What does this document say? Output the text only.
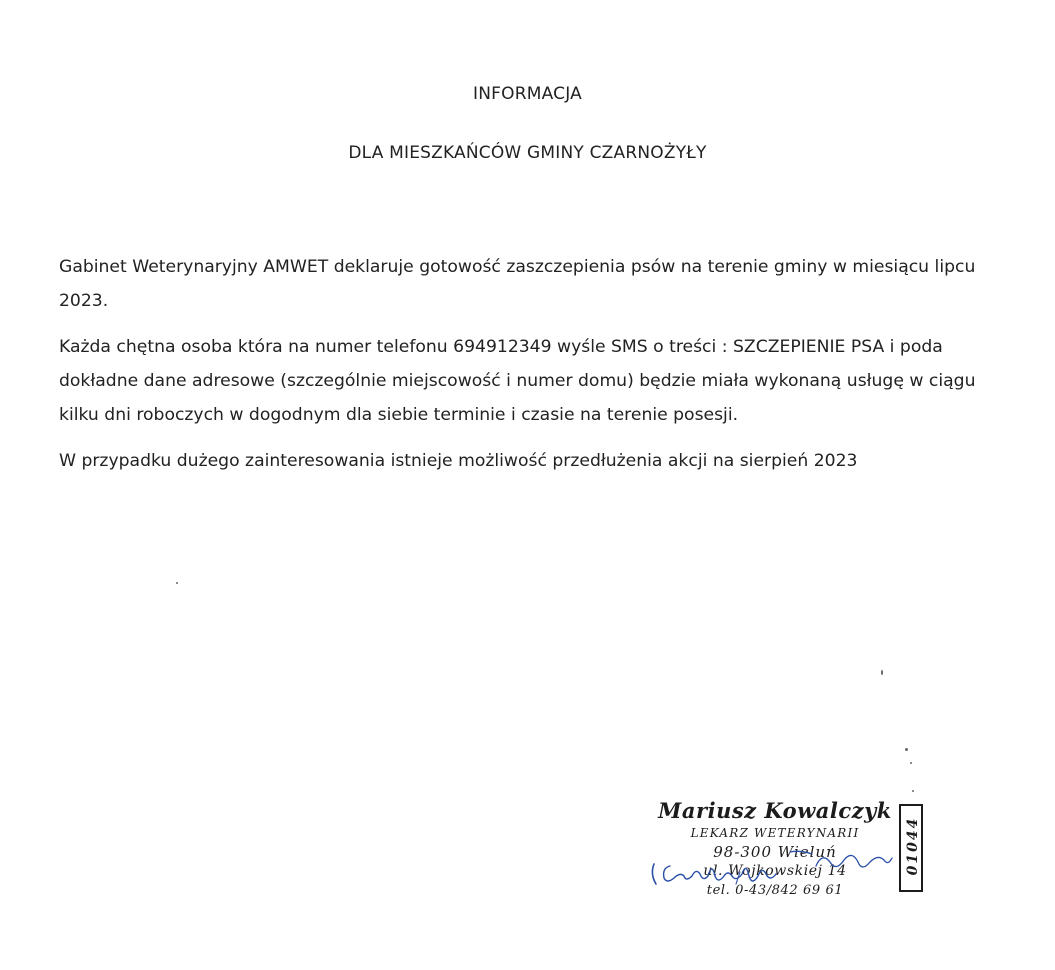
INFORMACJA
DLA MIESZKAŃCÓW GMINY CZARNOŻYŁY

Gabinet Weterynaryjny AMWET deklaruje gotowość zaszczepienia psów na terenie gminy w miesiącu lipcu 2023.

Każda chętna osoba która na numer telefonu 694912349 wyśle SMS o treści : SZCZEPIENIE PSA i poda dokładne dane adresowe (szczególnie miejscowość i numer domu) będzie miała wykonaną usługę w ciągu kilku dni roboczych w dogodnym dla siebie terminie i czasie na terenie posesji.

W przypadku dużego zainteresowania istnieje możliwość przedłużenia akcji na sierpień 2023

Mariusz Kowalczyk
LEKARZ WETERYNARII
98-300 Wieluń
ul. Wojkowskiej 14
tel. 0-43/842 69 61
01044
